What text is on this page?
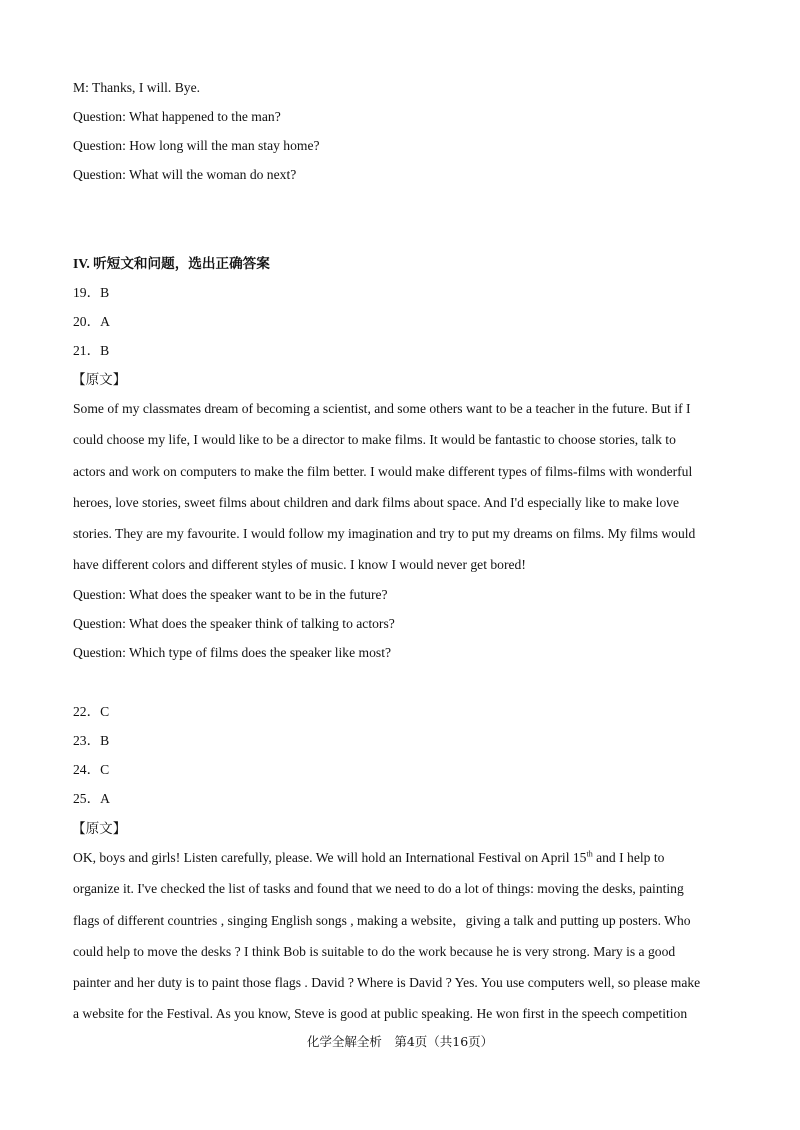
M: Thanks, I will. Bye.
Question: What happened to the man?
Question: How long will the man stay home?
Question: What will the woman do next?
IV. 听短文和问题，选出正确答案
19．B
20．A
21．B
【原文】

Some of my classmates dream of becoming a scientist, and some others want to be a teacher in the future. But if I

could choose my life, I would like to be a director to make films. It would be fantastic to choose stories, talk to

actors and work on computers to make the film better. I would make different types of films-films with wonderful

heroes, love stories, sweet films about children and dark films about space. And I'd especially like to make love

stories. They are my favourite. I would follow my imagination and try to put my dreams on films. My films would

have different colors and different styles of music. I know I would never get bored!

Question: What does the speaker want to be in the future?
Question: What does the speaker think of talking to actors?
Question: Which type of films does the speaker like most?
22．C
23．B
24．C
25．A
【原文】

OK, boys and girls! Listen carefully, please. We will hold an International Festival on April 15th and I help to

organize it. I've checked the list of tasks and found that we need to do a lot of things: moving the desks, painting

flags of different countries , singing English songs , making a website，giving a talk and putting up posters. Who

could help to move the desks ? I think Bob is suitable to do the work because he is very strong. Mary is a good

painter and her duty is to paint those flags . David ? Where is David ? Yes. You use computers well, so please make

a website for the Festival. As you know, Steve is good at public speaking. He won first in the speech competition

化学全解全析　第4页（共16页）
